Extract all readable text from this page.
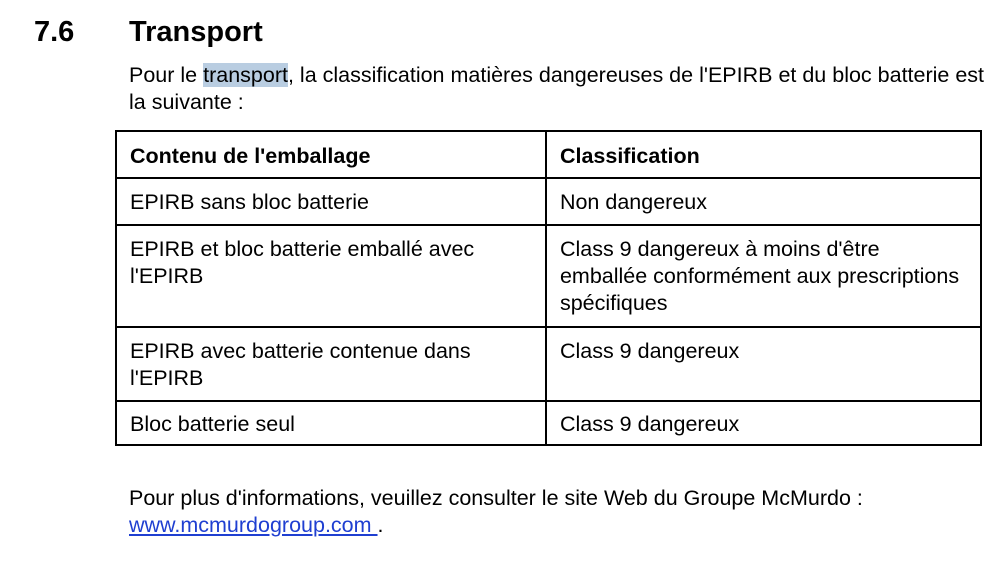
7.6 Transport

Pour le transport, la classification matières dangereuses de l'EPIRB et du bloc batterie est la suivante :

Contenu de l'emballage	Classification
EPIRB sans bloc batterie	Non dangereux
EPIRB et bloc batterie emballé avec l'EPIRB	Class 9 dangereux à moins d'être emballée conformément aux prescriptions spécifiques
EPIRB avec batterie contenue dans l'EPIRB	Class 9 dangereux
Bloc batterie seul	Class 9 dangereux

Pour plus d'informations, veuillez consulter le site Web du Groupe McMurdo :
www.mcmurdogroup.com .
